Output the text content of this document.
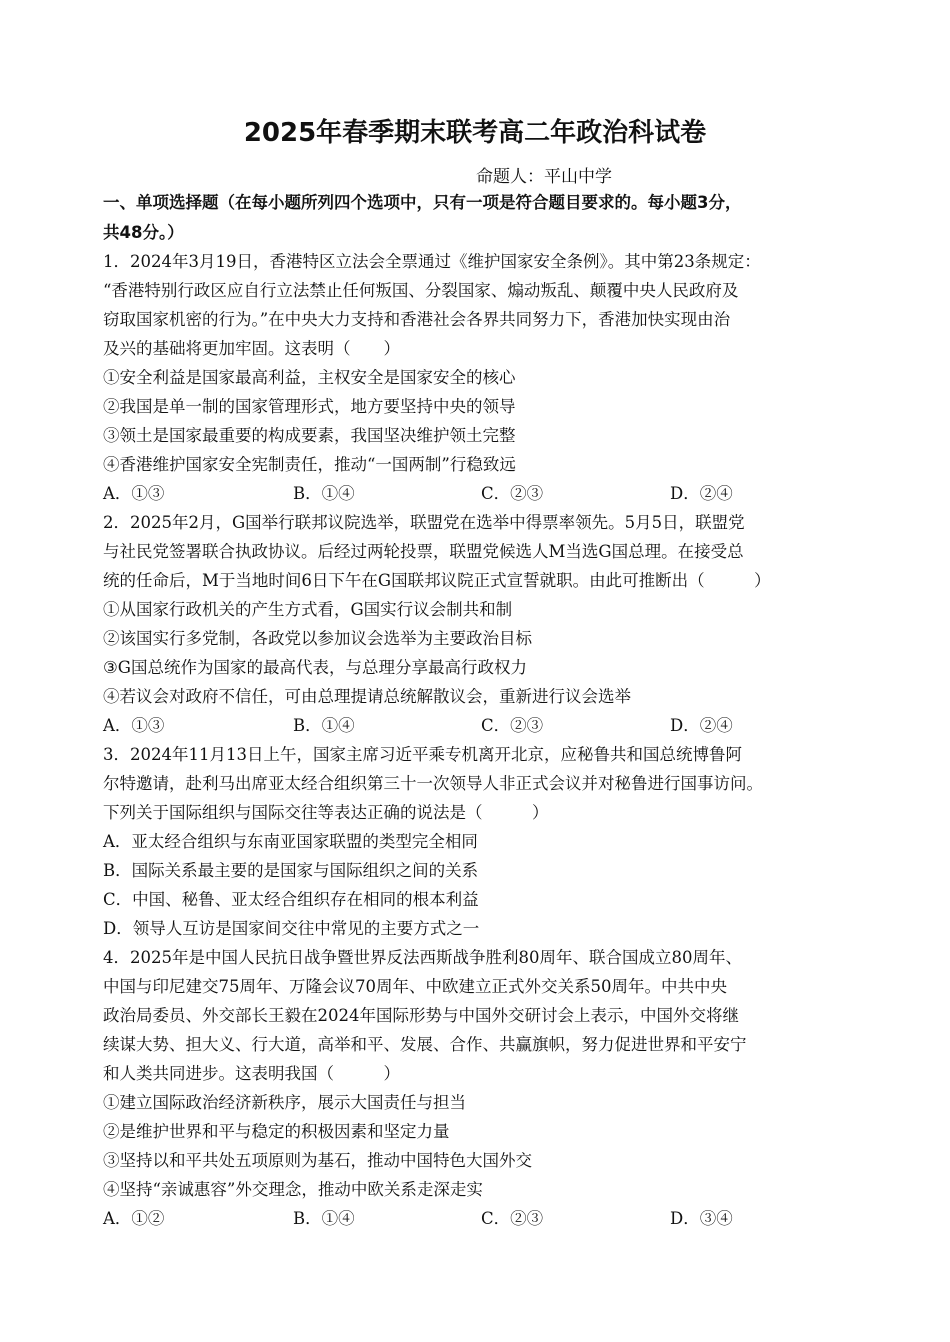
2025年春季期末联考高二年政治科试卷
命题人：平山中学
一、单项选择题（在每小题所列四个选项中，只有一项是符合题目要求的。每小题3分，
共48分。）
1．2024年3月19日，香港特区立法会全票通过《维护国家安全条例》。其中第23条规定：
“香港特别行政区应自行立法禁止任何叛国、分裂国家、煽动叛乱、颠覆中央人民政府及
窃取国家机密的行为。”在中央大力支持和香港社会各界共同努力下，香港加快实现由治
及兴的基础将更加牢固。这表明（　　）
①安全利益是国家最高利益，主权安全是国家安全的核心
②我国是单一制的国家管理形式，地方要坚持中央的领导
③领土是国家最重要的构成要素，我国坚决维护领土完整
④香港维护国家安全宪制责任，推动“一国两制”行稳致远
A．①③	B．①④	C．②③	D．②④
2．2025年2月，G国举行联邦议院选举，联盟党在选举中得票率领先。5月5日，联盟党
与社民党签署联合执政协议。后经过两轮投票，联盟党候选人M当选G国总理。在接受总
统的任命后，M于当地时间6日下午在G国联邦议院正式宣誓就职。由此可推断出（　　　）
①从国家行政机关的产生方式看，G国实行议会制共和制
②该国实行多党制，各政党以参加议会选举为主要政治目标
③G国总统作为国家的最高代表，与总理分享最高行政权力
④若议会对政府不信任，可由总理提请总统解散议会，重新进行议会选举
A．①③	B．①④	C．②③	D．②④
3．2024年11月13日上午，国家主席习近平乘专机离开北京，应秘鲁共和国总统博鲁阿
尔特邀请，赴利马出席亚太经合组织第三十一次领导人非正式会议并对秘鲁进行国事访问。
下列关于国际组织与国际交往等表达正确的说法是（　　　）
A．亚太经合组织与东南亚国家联盟的类型完全相同
B．国际关系最主要的是国家与国际组织之间的关系
C．中国、秘鲁、亚太经合组织存在相同的根本利益
D．领导人互访是国家间交往中常见的主要方式之一
4．2025年是中国人民抗日战争暨世界反法西斯战争胜利80周年、联合国成立80周年、
中国与印尼建交75周年、万隆会议70周年、中欧建立正式外交关系50周年。中共中央
政治局委员、外交部长王毅在2024年国际形势与中国外交研讨会上表示，中国外交将继
续谋大势、担大义、行大道，高举和平、发展、合作、共赢旗帜，努力促进世界和平安宁
和人类共同进步。这表明我国（　　　）
①建立国际政治经济新秩序，展示大国责任与担当
②是维护世界和平与稳定的积极因素和坚定力量
③坚持以和平共处五项原则为基石，推动中国特色大国外交
④坚持“亲诚惠容”外交理念，推动中欧关系走深走实
A．①②	B．①④	C．②③	D．③④
